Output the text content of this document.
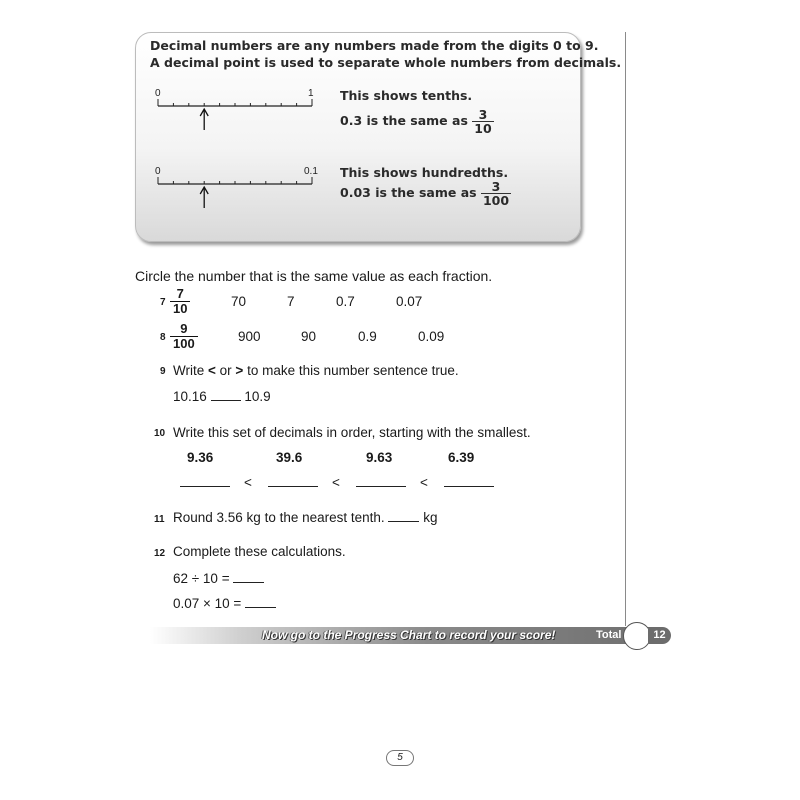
Decimal numbers are any numbers made from the digits 0 to 9.
A decimal point is used to separate whole numbers from decimals.
0	1 This shows tenths.
0.3 is the same as $\frac{3}{10}$
0	0.1 This shows hundredths.
0.03 is the same as $\frac{3}{100}$
Circle the number that is the same value as each fraction.
$7 \frac{7}{10}$	70	7	0.7	0.07
$8 \frac{9}{100}$	900	90	0.9	0.09
9 Write < or > to make this number sentence true.
10.16	10.9
10 Write this set of decimals in order, starting with the smallest.
9.36	39.6	9.63	6.39
<	<	<
11 Round 3.56 kg to the nearest tenth.	kg
12 Complete these calculations.
62 ÷ 10 =
0.07 × 10 =
Now go to the Progress Chart to record your score!	Total	12
5
